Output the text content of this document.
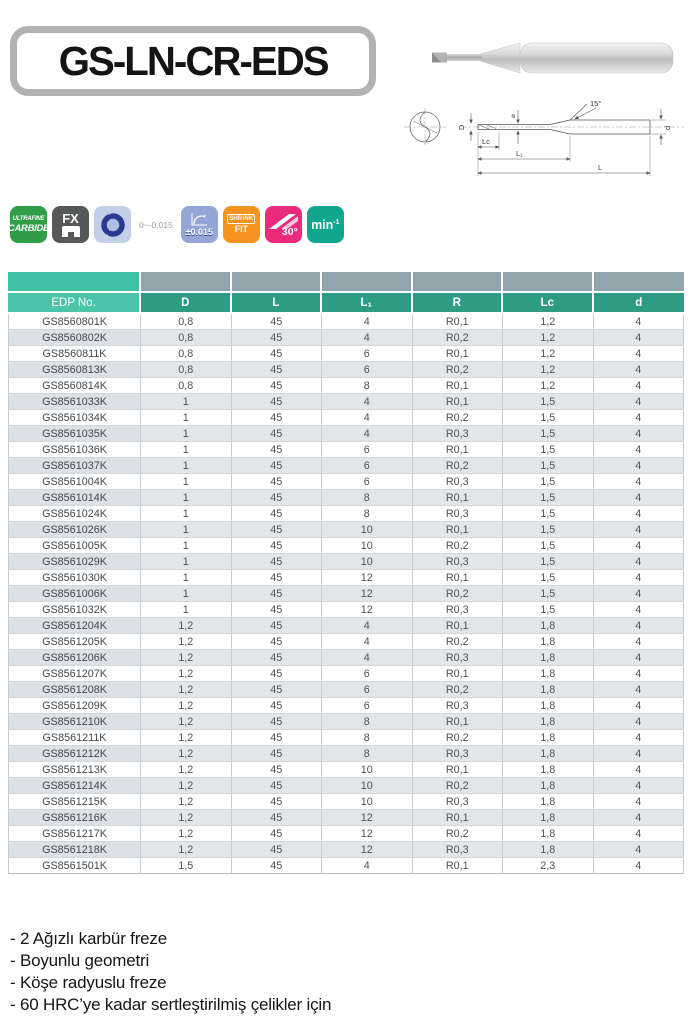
GS-LN-CR-EDS
15°
D
⌀
d
Lc
L₁
L
ULTRAFINE
CARBIDE
FX	0~-0.015
±0.015
SHRINK
FIT	30° $\min^{-1}$

EDP No.	D	L	L₁	R	Lc	d
GS8560801K	0,8	45	4	R0,1	1,2	4
GS8560802K	0,8	45	4	R0,2	1,2	4
GS8560811K	0,8	45	6	R0,1	1,2	4
GS8560813K	0,8	45	6	R0,2	1,2	4
GS8560814K	0,8	45	8	R0,1	1,2	4
GS8561033K	1	45	4	R0,1	1,5	4
GS8561034K	1	45	4	R0,2	1,5	4
GS8561035K	1	45	4	R0,3	1,5	4
GS8561036K	1	45	6	R0,1	1,5	4
GS8561037K	1	45	6	R0,2	1,5	4
GS8561004K	1	45	6	R0,3	1,5	4
GS8561014K	1	45	8	R0,1	1,5	4
GS8561024K	1	45	8	R0,3	1,5	4
GS8561026K	1	45	10	R0,1	1,5	4
GS8561005K	1	45	10	R0,2	1,5	4
GS8561029K	1	45	10	R0,3	1,5	4
GS8561030K	1	45	12	R0,1	1,5	4
GS8561006K	1	45	12	R0,2	1,5	4
GS8561032K	1	45	12	R0,3	1,5	4
GS8561204K	1,2	45	4	R0,1	1,8	4
GS8561205K	1,2	45	4	R0,2	1,8	4
GS8561206K	1,2	45	4	R0,3	1,8	4
GS8561207K	1,2	45	6	R0,1	1,8	4
GS8561208K	1,2	45	6	R0,2	1,8	4
GS8561209K	1,2	45	6	R0,3	1,8	4
GS8561210K	1,2	45	8	R0,1	1,8	4
GS8561211K	1,2	45	8	R0,2	1,8	4
GS8561212K	1,2	45	8	R0,3	1,8	4
GS8561213K	1,2	45	10	R0,1	1,8	4
GS8561214K	1,2	45	10	R0,2	1,8	4
GS8561215K	1,2	45	10	R0,3	1,8	4
GS8561216K	1,2	45	12	R0,1	1,8	4
GS8561217K	1,2	45	12	R0,2	1,8	4
GS8561218K	1,2	45	12	R0,3	1,8	4
GS8561501K	1,5	45	4	R0,1	2,3	4

- 2 Ağızlı karbür freze

- Boyunlu geometri

- Köşe radyuslu freze

- 60 HRC’ye kadar sertleştirilmiş çelikler için
